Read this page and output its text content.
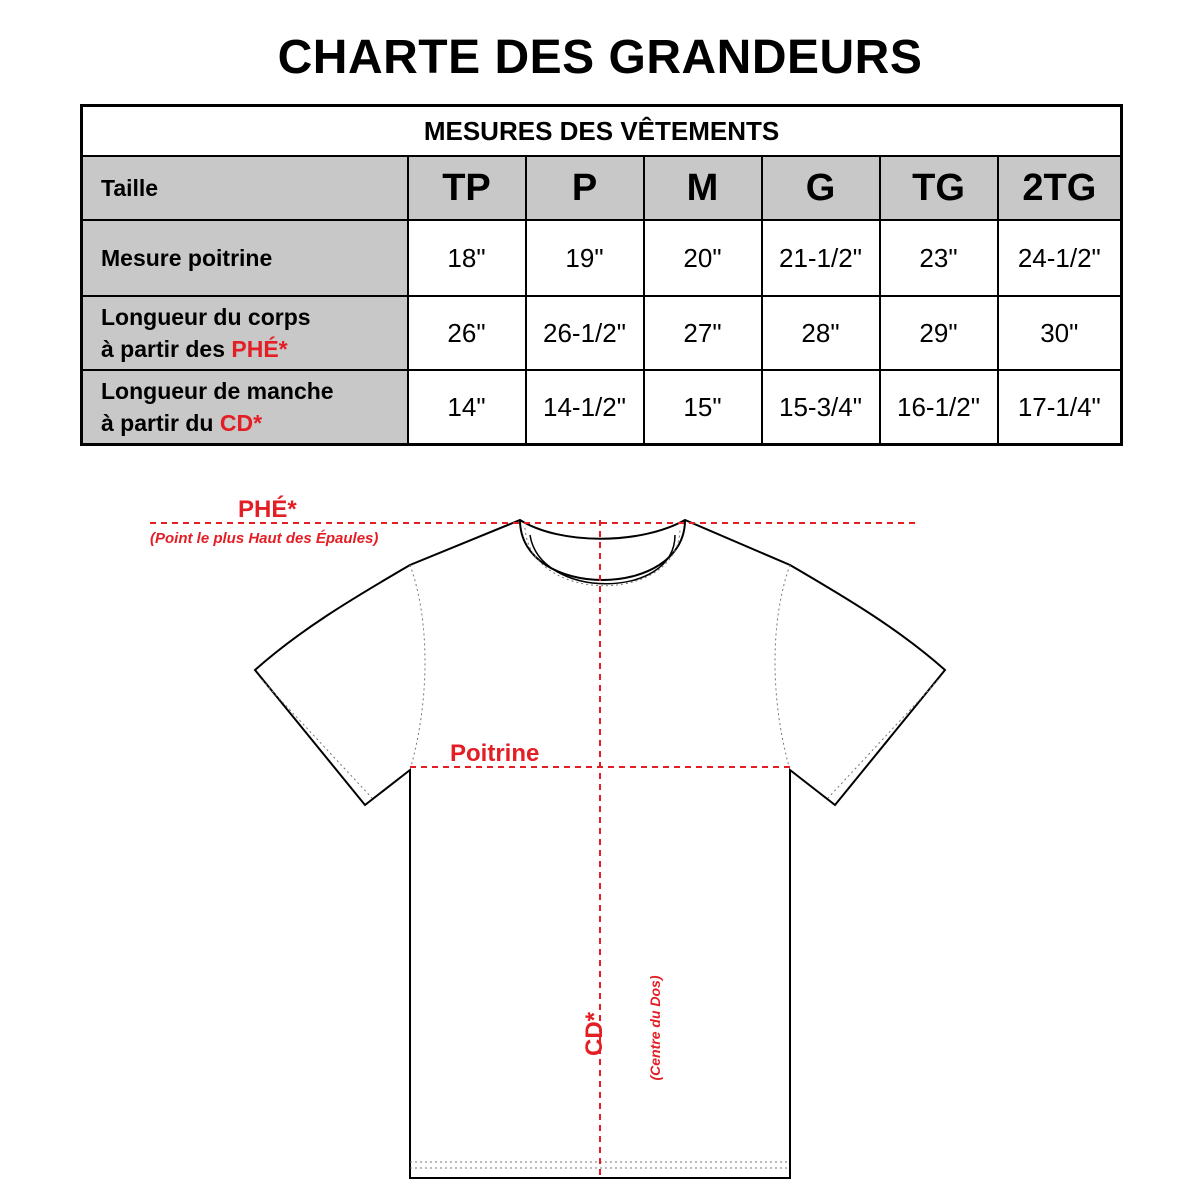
CHARTE DES GRANDEURS
MESURES DES VÊTEMENTS						
Taille	TP	P	M	G	TG	2TG
Mesure poitrine	18"	19"	20"	21-1/2"	23"	24-1/2"
Longueur du corps
à partir des PHÉ*	26"	26-1/2"	27"	28"	29"	30"
Longueur de manche
à partir du CD*	14"	14-1/2"	15"	15-3/4"	16-1/2"	17-1/4"
PHÉ*
(Point le plus Haut des Épaules)
Poitrine
CD*	(Centre du Dos)
